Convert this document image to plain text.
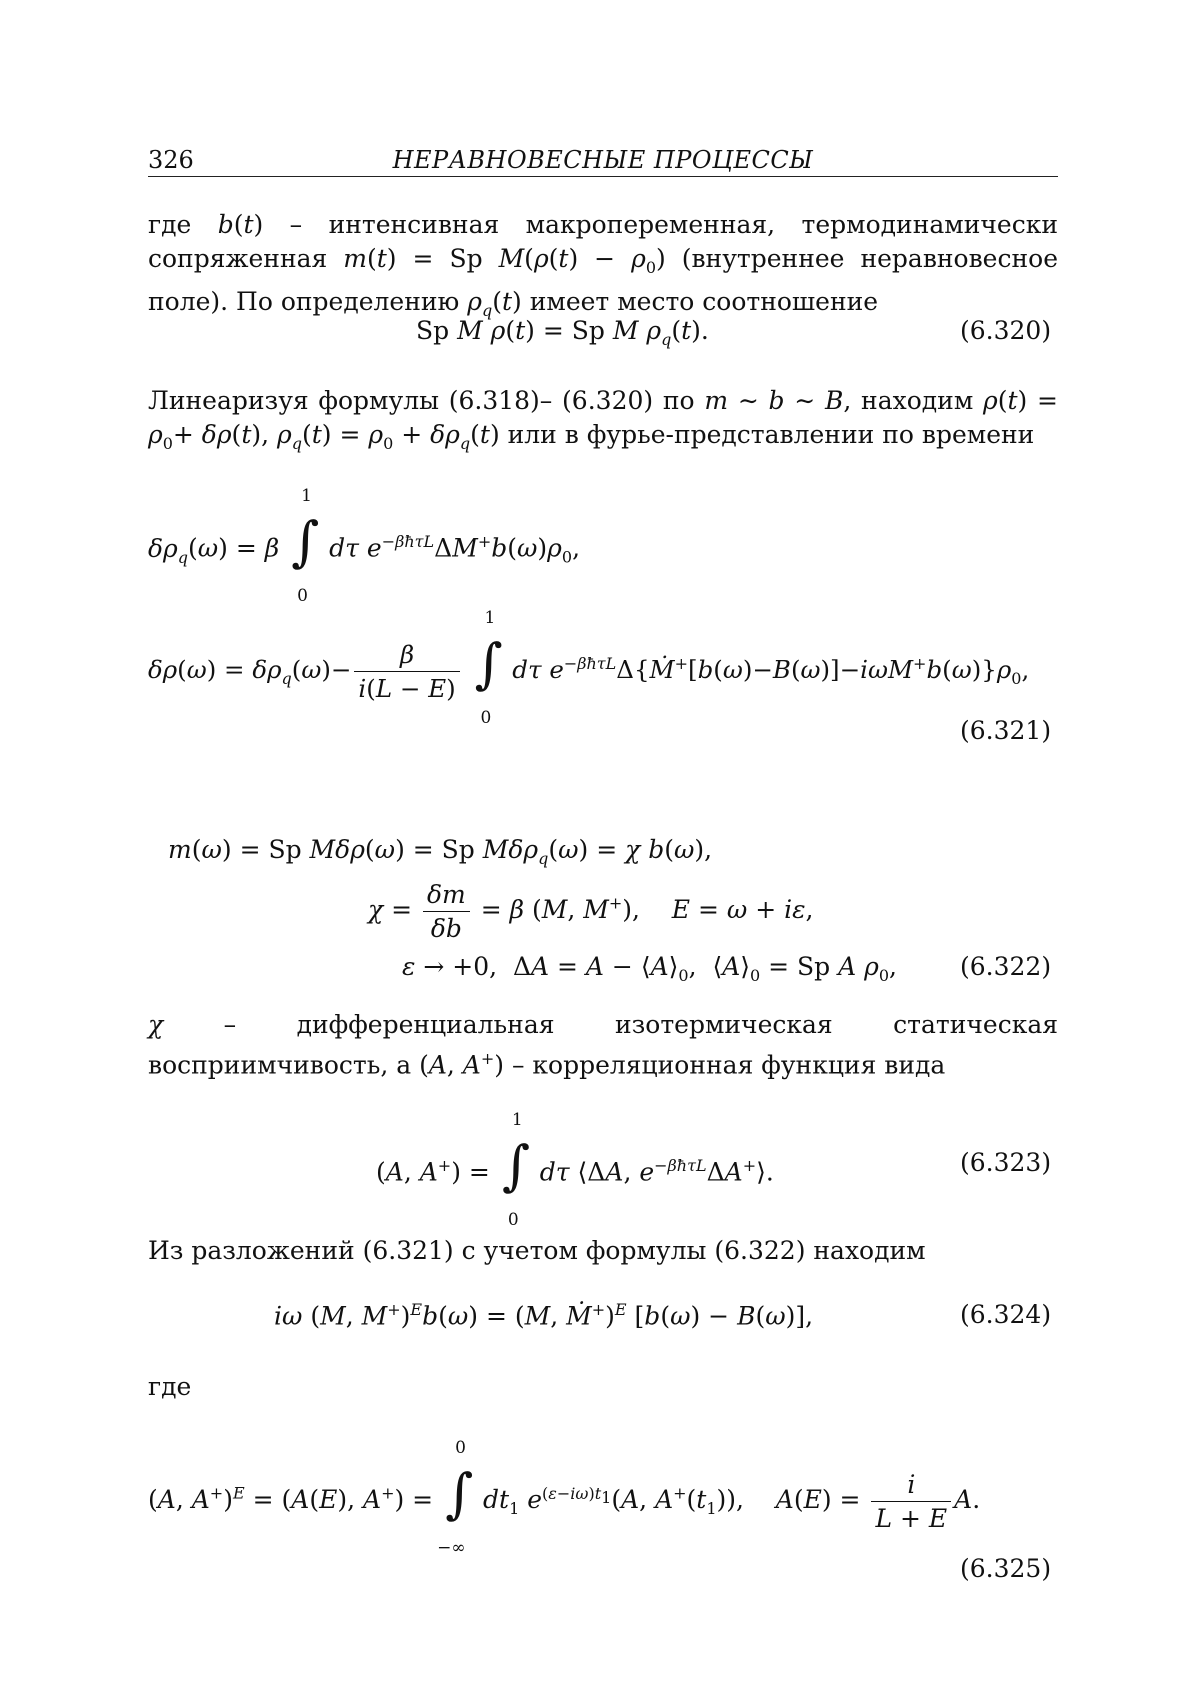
326	НЕРАВНОВЕСНЫЕ ПРОЦЕССЫ
где b(t) – интенсивная макропеременная, термодинамически сопряженная m(t) = Sp $M(\rho(t) - \rho_0)$ (внутреннее неравновесное поле). По определению $\rho_q(t)$ имеет место соотношение
Sp M ρ(t) = Sp M $\rho_q(t)$.	(6.320)
Линеаризуя формулы (6.318)– (6.320) по m ∼ b ∼ B, находим $\rho(t) = \rho_0+ \delta\rho(t)$, $\rho_q(t) = \rho_0 + \delta\rho_q(t)$ или в фурье-представлении по времени
$\delta\rho_q(\omega) = \beta$
1
∫
0
dτ $e^{-\beta ħ\tau L}\Delta M^+b(\omega)\rho_0$,
$\delta\rho(\omega) = \delta\rho_q(\omega)- \frac{\beta}{i(L - E)}$

1
∫
0
dτ $e^{-\beta ħ\tau L}\Delta\{Ṁ^+[b(\omega)-B(\omega)]-i\omega M^+b(\omega)\}\rho_0$,
(6.321)
m(ω) = Sp Mδρ(ω) = Sp Mδρ$_q$(ω) = χ b(ω),
$\chi = \frac{\delta m}{\delta b} = \beta$ (M, M+),    E = ω + iε,
ε → +0,  $\Delta A = A - ⟨A⟩_0$,  $⟨A⟩_0 = Sp$ A $\rho_0$,	(6.322)
χ – дифференциальная изотермическая статическая восприимчивость, а (A, A+) – корреляционная функция вида
(A, A+) =
1
∫
0
dτ ⟨ΔA, $e^{-\beta ħ\tau L}\Delta A^+⟩$.	(6.323)
Из разложений (6.321) с учетом формулы (6.322) находим
iω (M, M+)$^E$b(ω) = (M, Ṁ+)$^E$ [b(ω) − B(ω)],	(6.324)
где
(A, A+)$^E$ = (A(E), A+) =
0
∫
−∞
$dt_1$ $e^{(\varepsilon-i\omega)t_1}(A$, $A^+(t_1)$),    $A(E) = \frac{i}{L + E} A$.
(6.325)
